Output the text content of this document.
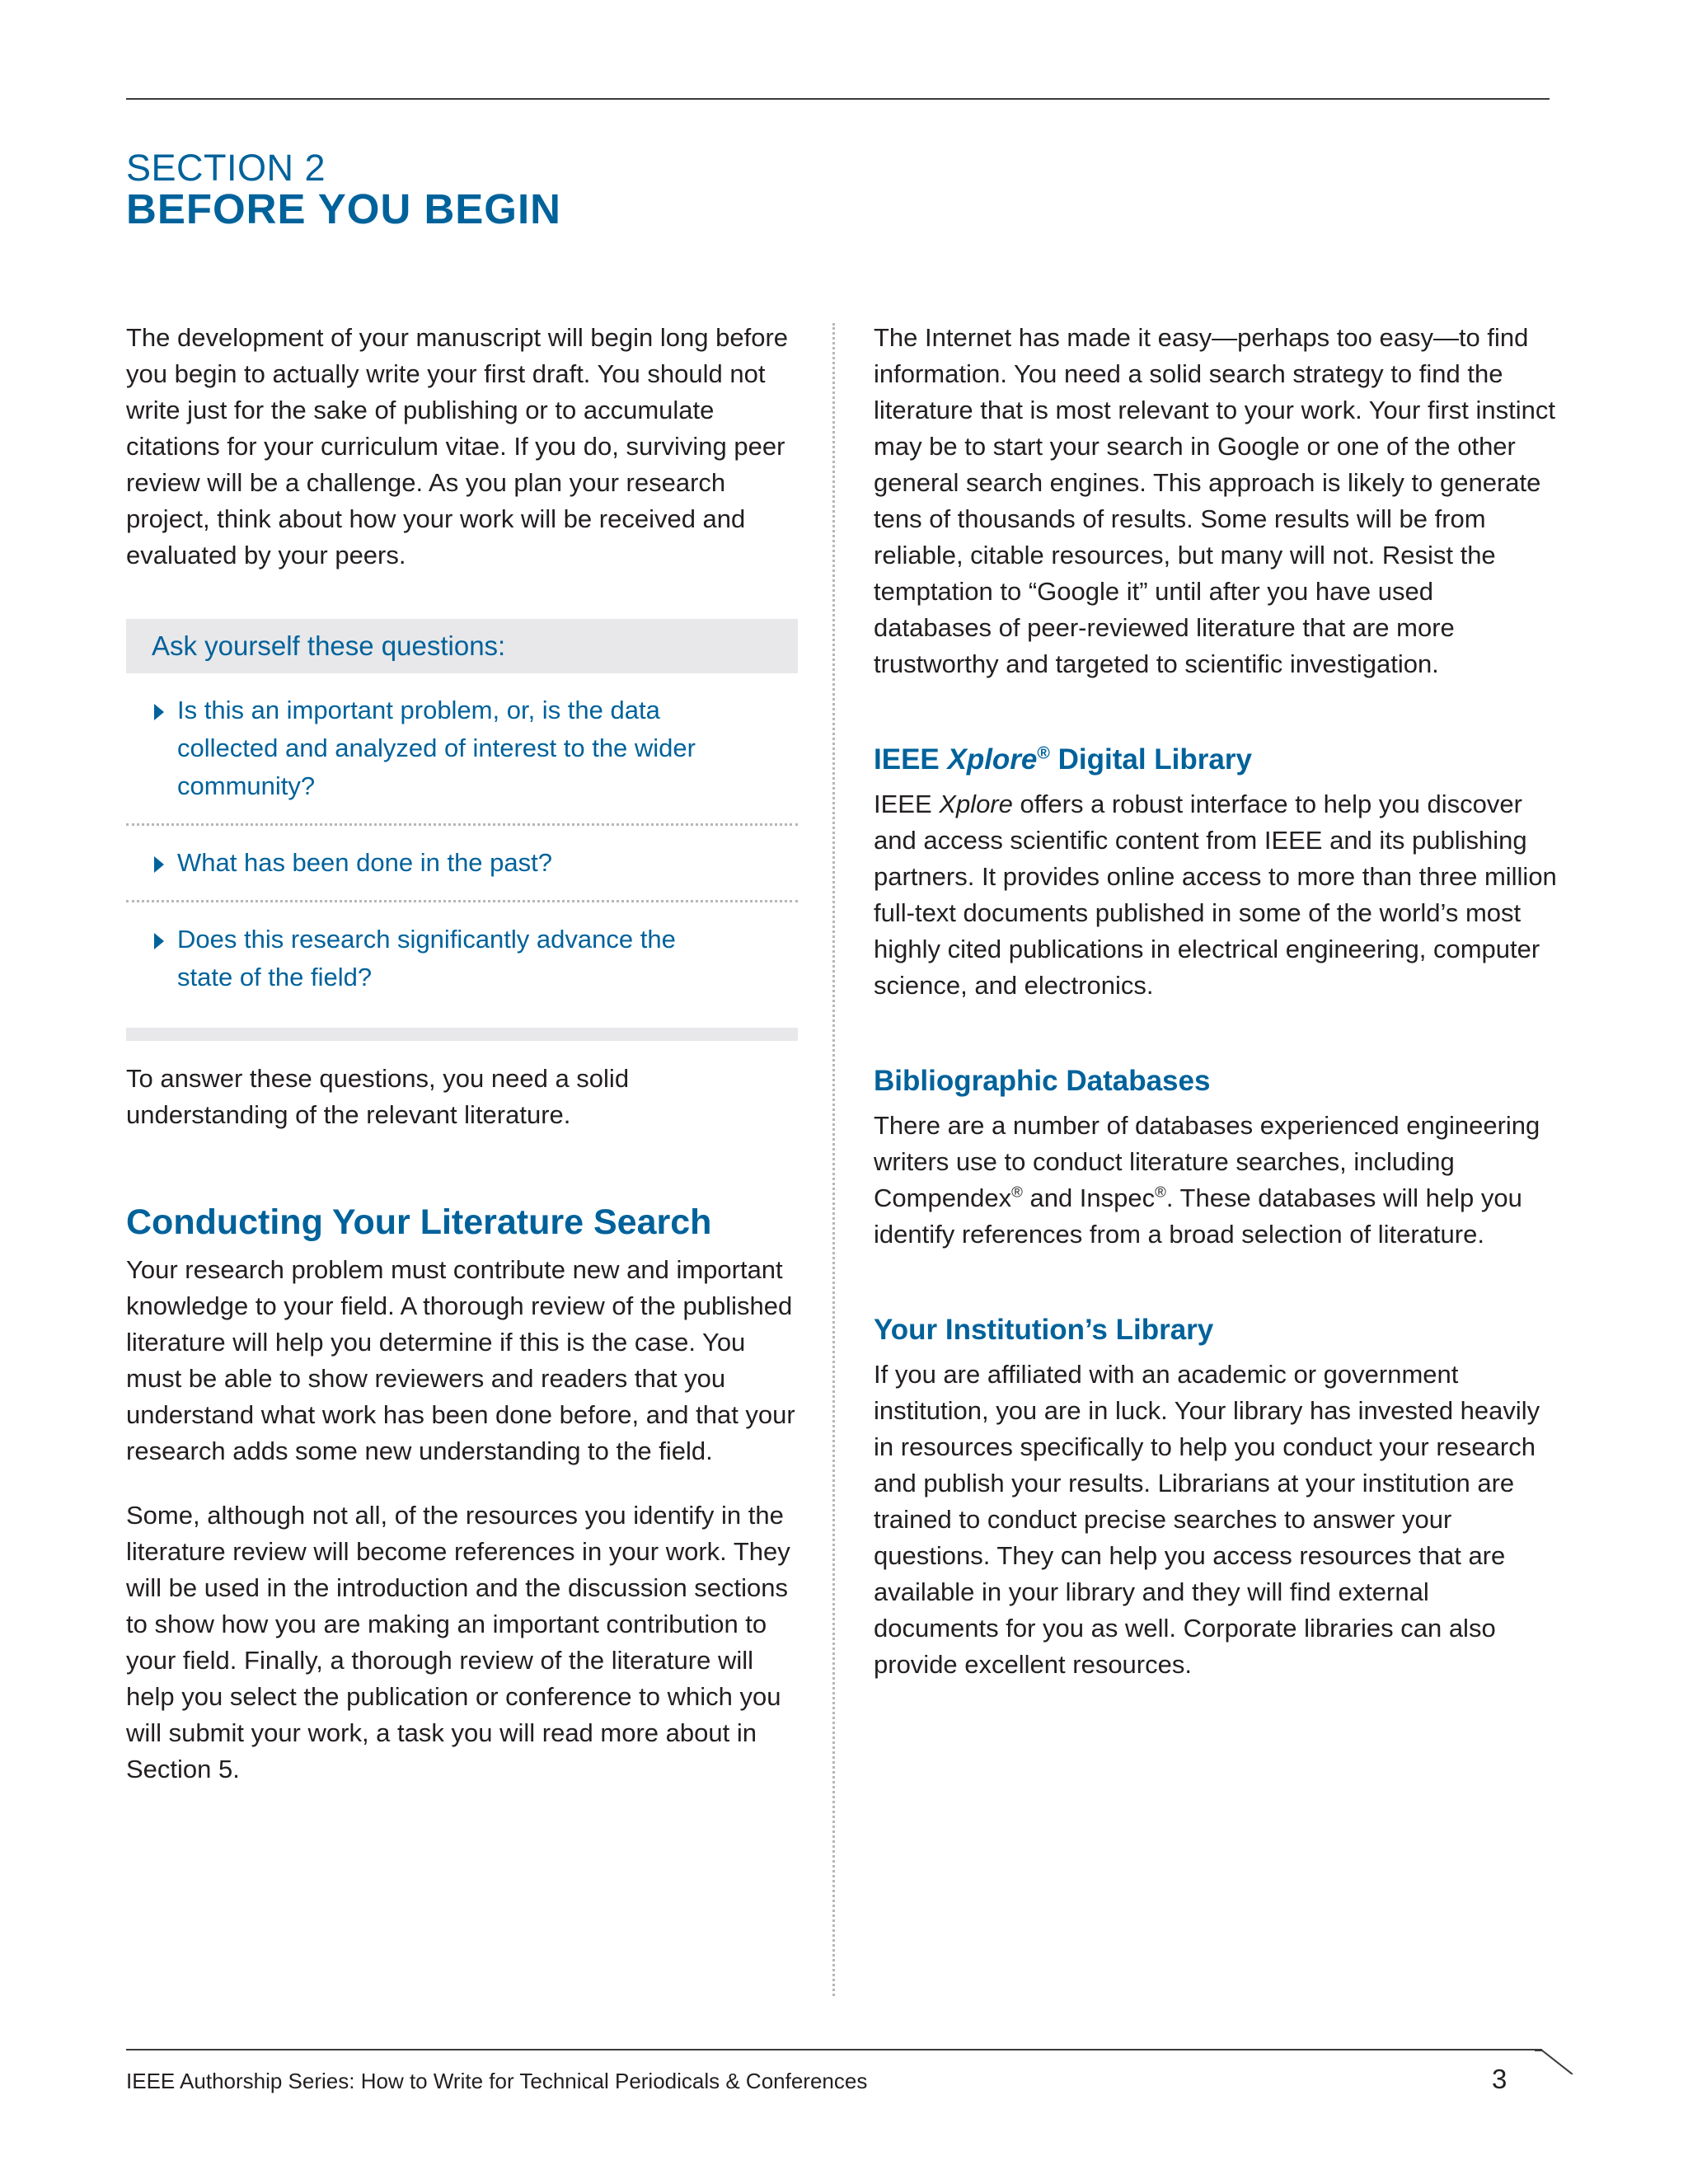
SECTION 2
BEFORE YOU BEGIN

The development of your manuscript will begin long before you begin to actually write your first draft. You should not write just for the sake of publishing or to accumulate citations for your curriculum vitae. If you do, surviving peer review will be a challenge. As you plan your research project, think about how your work will be received and evaluated by your peers.

Ask yourself these questions:
Is this an important problem, or, is the data collected and analyzed of interest to the wider community?
What has been done in the past?
Does this research significantly advance the state of the field?

To answer these questions, you need a solid understanding of the relevant literature.

Conducting Your Literature Search

Your research problem must contribute new and important knowledge to your field. A thorough review of the published literature will help you determine if this is the case. You must be able to show reviewers and readers that you understand what work has been done before, and that your research adds some new understanding to the field.

Some, although not all, of the resources you identify in the literature review will become references in your work. They will be used in the introduction and the discussion sections to show how you are making an important contribution to your field. Finally, a thorough review of the literature will help you select the publication or conference to which you will submit your work, a task you will read more about in Section 5.

The Internet has made it easy—perhaps too easy—to find information. You need a solid search strategy to find the literature that is most relevant to your work. Your first instinct may be to start your search in Google or one of the other general search engines. This approach is likely to generate tens of thousands of results. Some results will be from reliable, citable resources, but many will not. Resist the temptation to “Google it” until after you have used databases of peer-reviewed literature that are more trustworthy and targeted to scientific investigation.

IEEE Xplore® Digital Library

IEEE Xplore offers a robust interface to help you discover and access scientific content from IEEE and its publishing partners. It provides online access to more than three million full-text documents published in some of the world’s most highly cited publications in electrical engineering, computer science, and electronics.

Bibliographic Databases

There are a number of databases experienced engineering writers use to conduct literature searches, including Compendex® and Inspec®. These databases will help you identify references from a broad selection of literature.

Your Institution’s Library

If you are affiliated with an academic or government institution, you are in luck. Your library has invested heavily in resources specifically to help you conduct your research and publish your results. Librarians at your institution are trained to conduct precise searches to answer your questions. They can help you access resources that are available in your library and they will find external documents for you as well. Corporate libraries can also provide excellent resources.

IEEE Authorship Series: How to Write for Technical Periodicals & Conferences	3
